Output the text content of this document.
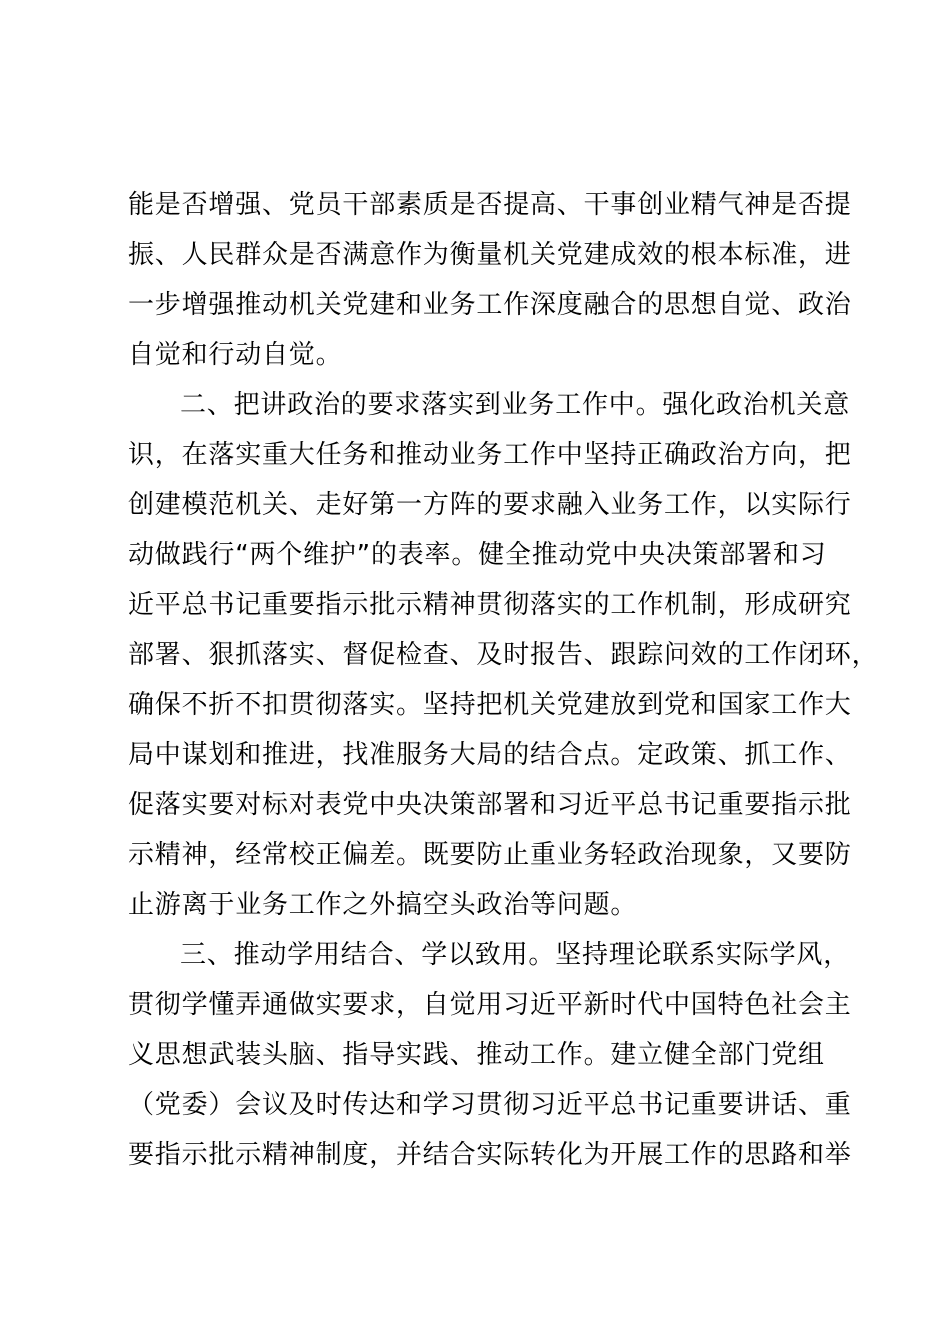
能是否增强、党员干部素质是否提高、干事创业精气神是否提
振、人民群众是否满意作为衡量机关党建成效的根本标准，进
一步增强推动机关党建和业务工作深度融合的思想自觉、政治
自觉和行动自觉。
二、把讲政治的要求落实到业务工作中。强化政治机关意
识，在落实重大任务和推动业务工作中坚持正确政治方向，把
创建模范机关、走好第一方阵的要求融入业务工作，以实际行
动做践行“两个维护”的表率。健全推动党中央决策部署和习
近平总书记重要指示批示精神贯彻落实的工作机制，形成研究
部署、狠抓落实、督促检查、及时报告、跟踪问效的工作闭环，
确保不折不扣贯彻落实。坚持把机关党建放到党和国家工作大
局中谋划和推进，找准服务大局的结合点。定政策、抓工作、
促落实要对标对表党中央决策部署和习近平总书记重要指示批
示精神，经常校正偏差。既要防止重业务轻政治现象，又要防
止游离于业务工作之外搞空头政治等问题。
三、推动学用结合、学以致用。坚持理论联系实际学风，
贯彻学懂弄通做实要求，自觉用习近平新时代中国特色社会主
义思想武装头脑、指导实践、推动工作。建立健全部门党组
（党委）会议及时传达和学习贯彻习近平总书记重要讲话、重
要指示批示精神制度，并结合实际转化为开展工作的思路和举
